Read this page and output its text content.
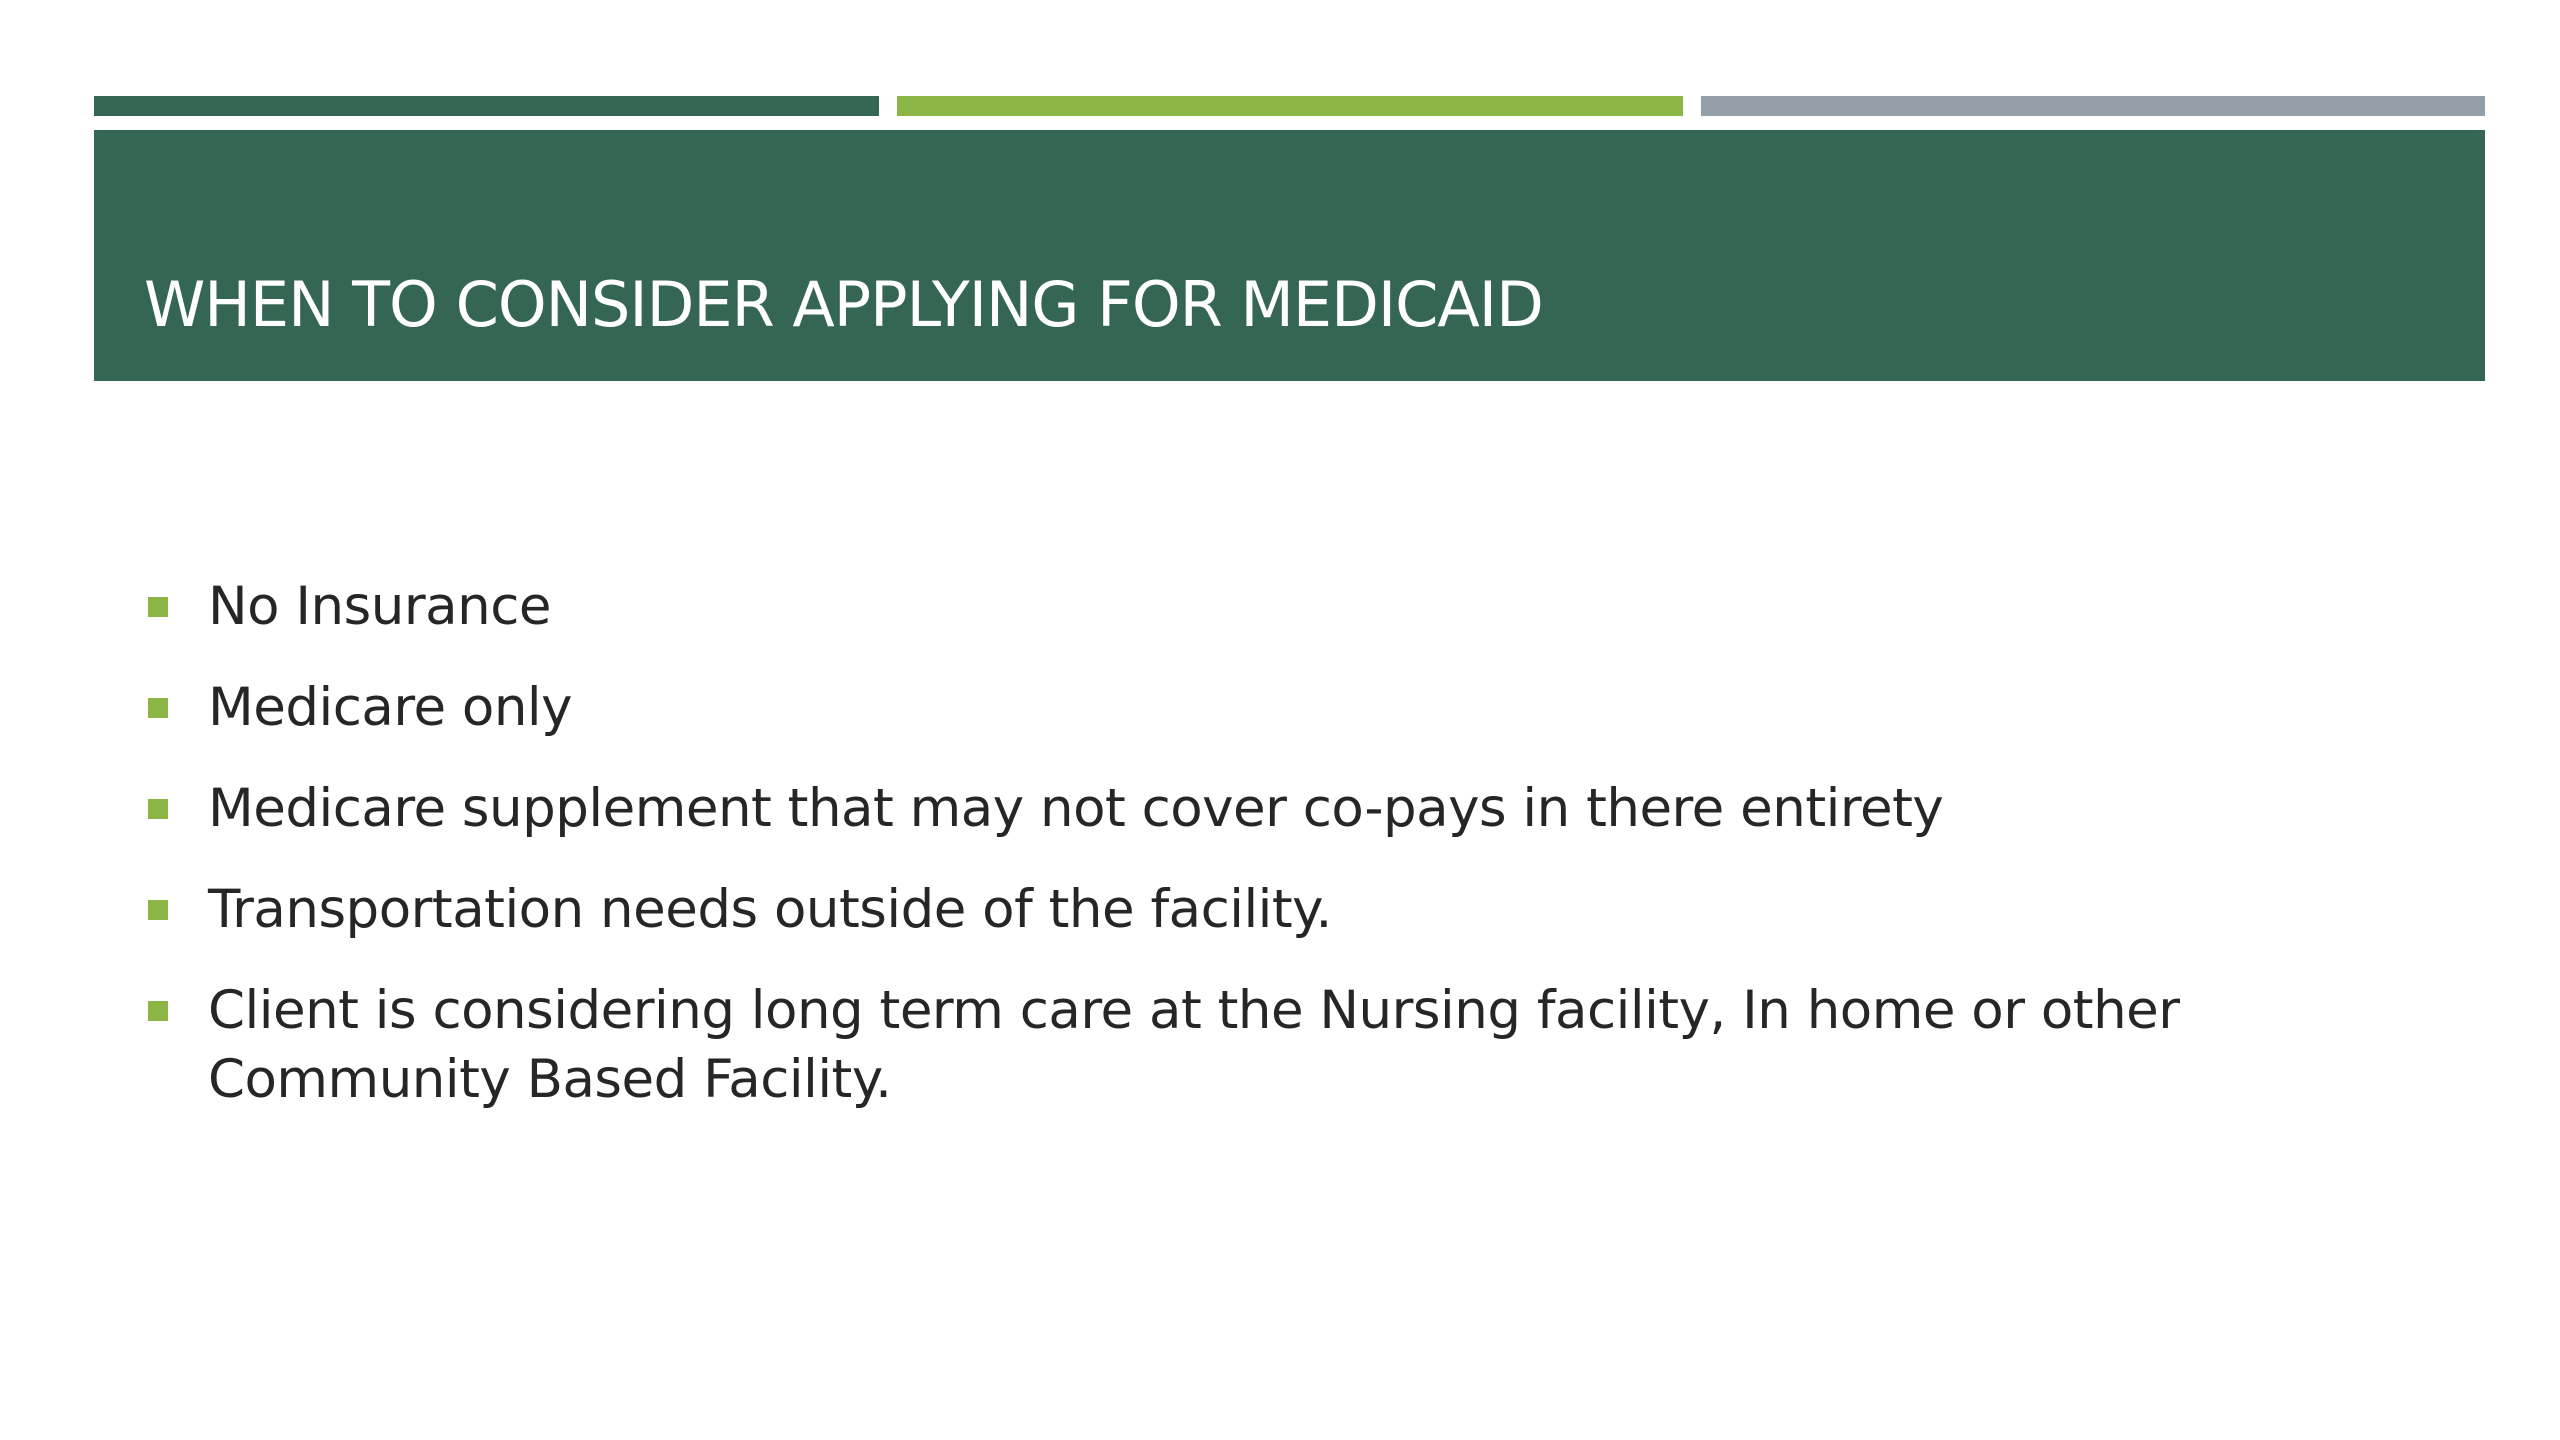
WHEN TO CONSIDER APPLYING FOR MEDICAID
No Insurance
Medicare only
Medicare supplement that may not cover co-pays in there entirety
Transportation needs outside of the facility.
Client is considering long term care at the Nursing facility, In home or other Community Based Facility.
